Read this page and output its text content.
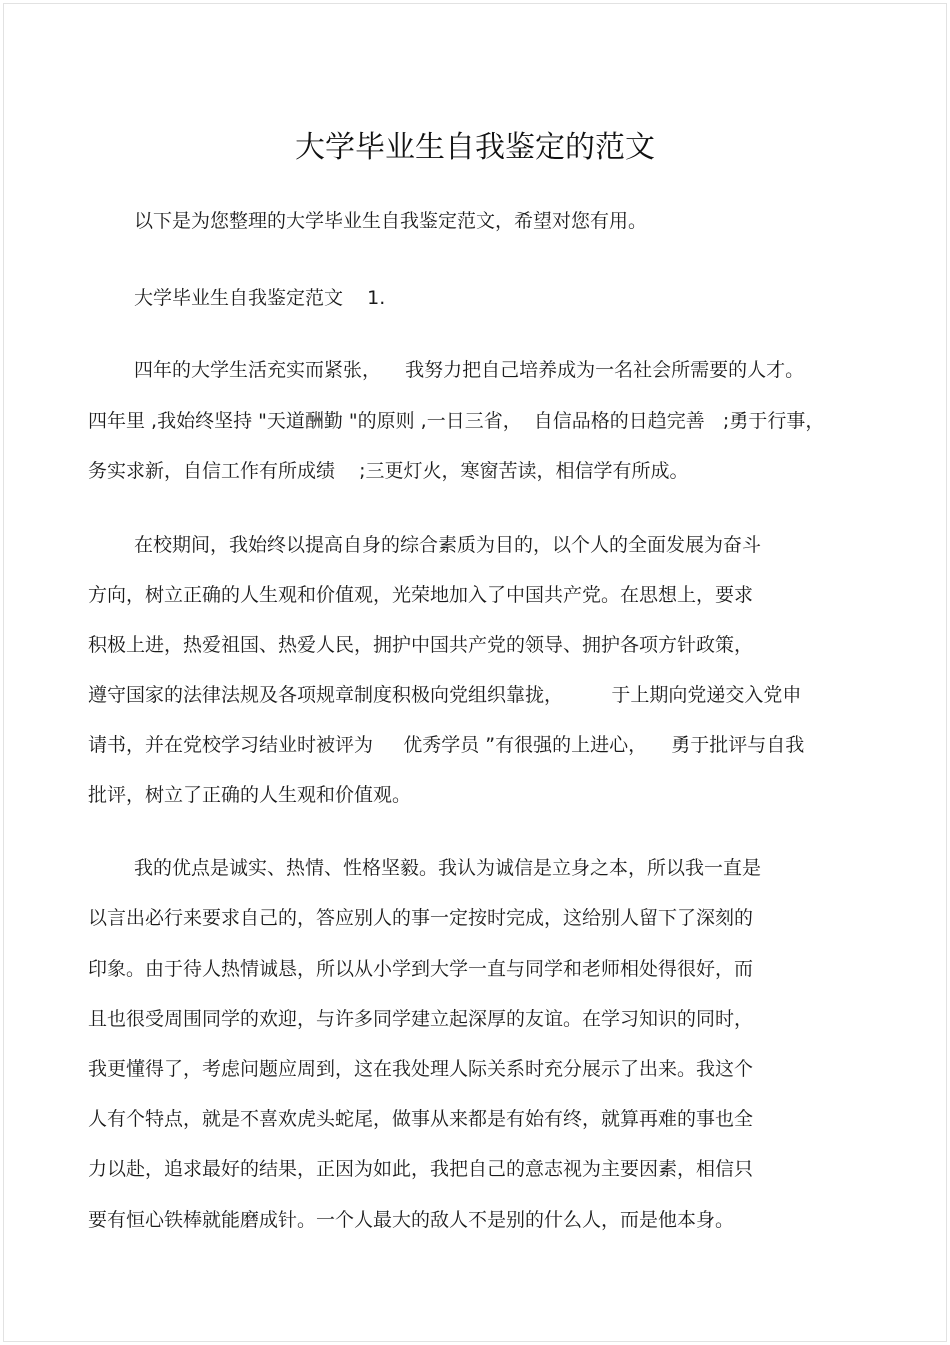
大学毕业生自我鉴定的范文
以下是为您整理的大学毕业生自我鉴定范文，希望对您有用。
大学毕业生自我鉴定范文    1.
四年的大学生活充实而紧张，    我努力把自己培养成为一名社会所需要的人才。
四年里 ,我始终坚持 "天道酬勤 "的原则 ,一日三省，  自信品格的日趋完善   ;勇于行事，
务实求新，自信工作有所成绩    ;三更灯火，寒窗苦读，相信学有所成。
在校期间，我始终以提高自身的综合素质为目的，以个人的全面发展为奋斗
方向，树立正确的人生观和价值观，光荣地加入了中国共产党。在思想上，要求
积极上进，热爱祖国、热爱人民，拥护中国共产党的领导、拥护各项方针政策，
遵守国家的法律法规及各项规章制度积极向党组织靠拢，        于上期向党递交入党申
请书，并在党校学习结业时被评为     优秀学员 ”有很强的上进心，    勇于批评与自我
批评，树立了正确的人生观和价值观。
我的优点是诚实、热情、性格坚毅。我认为诚信是立身之本，所以我一直是
以言出必行来要求自己的，答应别人的事一定按时完成，这给别人留下了深刻的
印象。由于待人热情诚恳，所以从小学到大学一直与同学和老师相处得很好，而
且也很受周围同学的欢迎，与许多同学建立起深厚的友谊。在学习知识的同时，
我更懂得了，考虑问题应周到，这在我处理人际关系时充分展示了出来。我这个
人有个特点，就是不喜欢虎头蛇尾，做事从来都是有始有终，就算再难的事也全
力以赴，追求最好的结果，正因为如此，我把自己的意志视为主要因素，相信只
要有恒心铁棒就能磨成针。一个人最大的敌人不是别的什么人，而是他本身。
